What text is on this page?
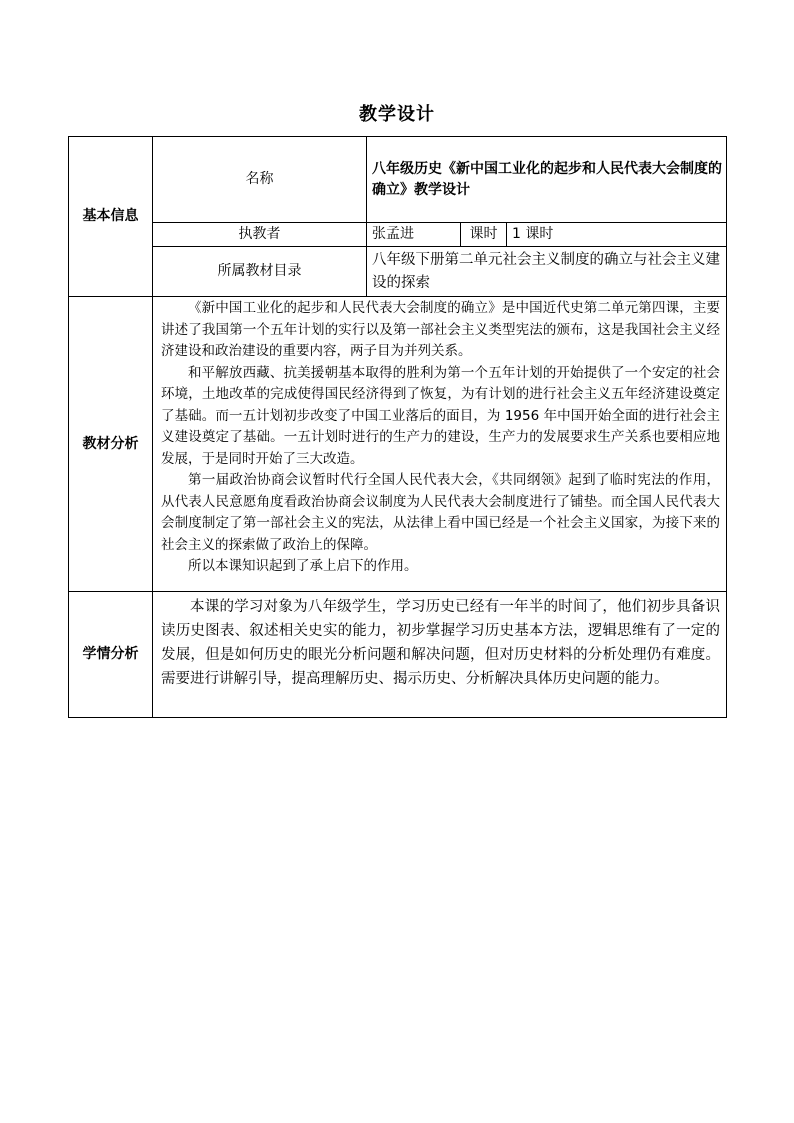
教学设计
基本信息	名称	八年级历史《新中国工业化的起步和人民代表大会制度的确立》教学设计		
	执教者	张孟进	课时	1 课时
	所属教材目录	八年级下册第二单元社会主义制度的确立与社会主义建设的探索		
教材分析	《新中国工业化的起步和人民代表大会制度的确立》是中国近代史第二单元第四课，主要讲述了我国第一个五年计划的实行以及第一部社会主义类型宪法的颁布，这是我国社会主义经济建设和政治建设的重要内容，两子目为并列关系。

和平解放西藏、抗美援朝基本取得的胜利为第一个五年计划的开始提供了一个安定的社会环境，土地改革的完成使得国民经济得到了恢复，为有计划的进行社会主义五年经济建设奠定了基础。而一五计划初步改变了中国工业落后的面目，为 1956 年中国开始全面的进行社会主义建设奠定了基础。一五计划时进行的生产力的建设，生产力的发展要求生产关系也要相应地发展，于是同时开始了三大改造。

第一届政治协商会议暂时代行全国人民代表大会，《共同纲领》起到了临时宪法的作用，从代表人民意愿角度看政治协商会议制度为人民代表大会制度进行了铺垫。而全国人民代表大会制度制定了第一部社会主义的宪法，从法律上看中国已经是一个社会主义国家，为接下来的社会主义的探索做了政治上的保障。

所以本课知识起到了承上启下的作用。			

学情分析	本课的学习对象为八年级学生，学习历史已经有一年半的时间了，他们初步具备识读历史图表、叙述相关史实的能力，初步掌握学习历史基本方法，逻辑思维有了一定的发展，但是如何历史的眼光分析问题和解决问题，但对历史材料的分析处理仍有难度。需要进行讲解引导，提高理解历史、揭示历史、分析解决具体历史问题的能力。			
